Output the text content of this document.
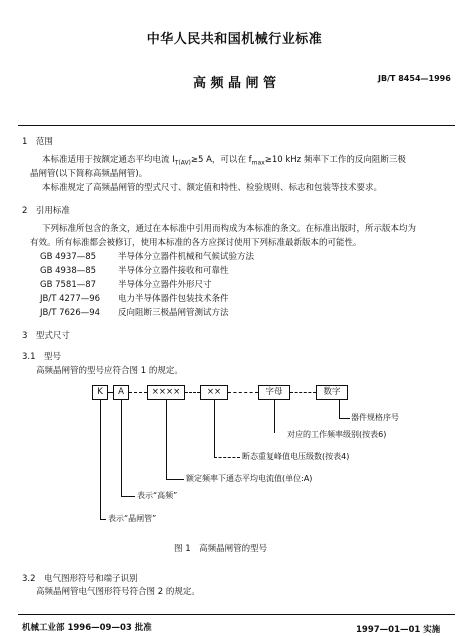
中华人民共和国机械行业标准
高 频 晶 闸 管	JB/T 8454—1996
1　范围
本标准适用于按额定通态平均电流 $I_{T(AV)}\ge 5$ A，可以在 $f_{max}\ge 10$ kHz 频率下工作的反向阻断三极
晶闸管(以下简称高频晶闸管)。
本标准规定了高频晶闸管的型式尺寸、额定值和特性、检验规则、标志和包装等技术要求。
2　引用标准
下列标准所包含的条文，通过在本标准中引用而构成为本标准的条文。在标准出版时，所示版本均为
有效。所有标准都会被修订，使用本标准的各方应探讨使用下列标准最新版本的可能性。
GB 4937—85	半导体分立器件机械和气候试验方法
GB 4938—85	半导体分立器件接收和可靠性
GB 7581—87	半导体分立器件外形尺寸
JB/T 4277—96 电力半导体器件包装技术条件
JB/T 7626—94 反向阻断三极晶闸管测试方法
3　型式尺寸
3.1　型号
高频晶闸管的型号应符合图 1 的规定。
K	A	××××	××	字母	数字
器件规格序号
对应的工作频率级别(按表6)
断态重复峰值电压级数(按表4)
额定频率下通态平均电流值(单位:A)
表示“高频”
表示“晶闸管”
图 1　高频晶闸管的型号
3.2　电气图形符号和端子识别
高频晶闸管电气图形符号符合图 2 的规定。
机械工业部 1996—09—03 批准	1997—01—01 实施
